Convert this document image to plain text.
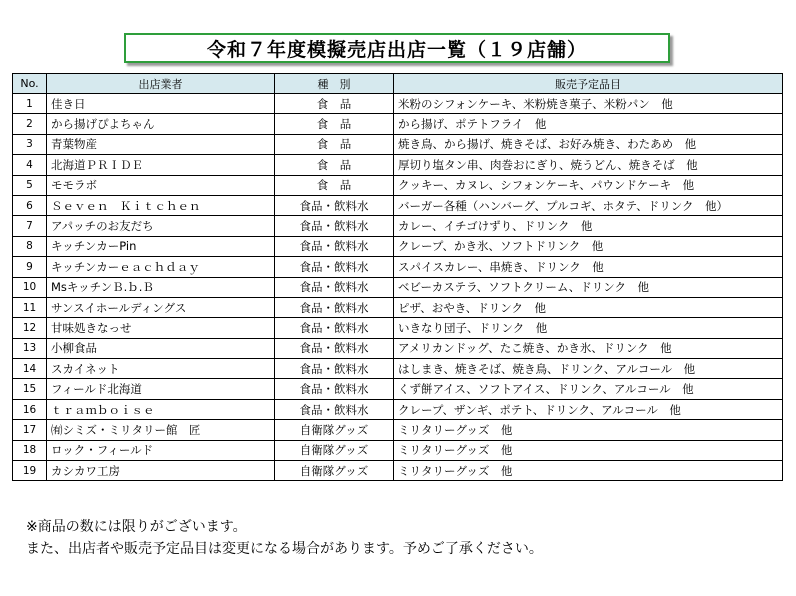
令和７年度模擬売店出店一覧（１９店舗）
No.	出店業者	種　別	販売予定品目
1	佳き日	食　品	米粉のシフォンケーキ、米粉焼き菓子、米粉パン　他
2	から揚げぴよちゃん	食　品	から揚げ、ポテトフライ　他
3	青葉物産	食　品	焼き鳥、から揚げ、焼きそば、お好み焼き、わたあめ　他
4	北海道ＰＲＩＤＥ	食　品	厚切り塩タン串、肉巻おにぎり、焼うどん、焼きそば　他
5	モモラボ	食　品	クッキー、カヌレ、シフォンケーキ、パウンドケーキ　他
6	Ｓｅｖｅｎ　Ｋｉｔｃｈｅｎ	食品・飲料水	バーガー各種（ハンバーグ、プルコギ、ホタテ、ドリンク　他）
7	アパッチのお友だち	食品・飲料水	カレー、イチゴけずり、ドリンク　他
8	キッチンカーPin	食品・飲料水	クレープ、かき氷、ソフトドリンク　他
9	キッチンカーｅａｃｈｄａｙ	食品・飲料水	スパイスカレー、串焼き、ドリンク　他
10	MsキッチンＢ.ｂ.Ｂ	食品・飲料水	ベビーカステラ、ソフトクリーム、ドリンク　他
11	サンスイホールディングス	食品・飲料水	ピザ、おやき、ドリンク　他
12	甘味処きなっせ	食品・飲料水	いきなり団子、ドリンク　他
13	小柳食品	食品・飲料水	アメリカンドッグ、たこ焼き、かき氷、ドリンク　他
14	スカイネット	食品・飲料水	はしまき、焼きそば、焼き鳥、ドリンク、アルコール　他
15	フィールド北海道	食品・飲料水	くず餅アイス、ソフトアイス、ドリンク、アルコール　他
16	ｔｒａｍｂｏｉｓｅ	食品・飲料水	クレープ、ザンギ、ポテト、ドリンク、アルコール　他
17	㈲シミズ・ミリタリー館　匠	自衛隊グッズ	ミリタリーグッズ　他
18	ロック・フィールド	自衛隊グッズ	ミリタリーグッズ　他
19	カシカワ工房	自衛隊グッズ	ミリタリーグッズ　他
※商品の数には限りがございます。
また、出店者や販売予定品目は変更になる場合があります。予めご了承ください。
